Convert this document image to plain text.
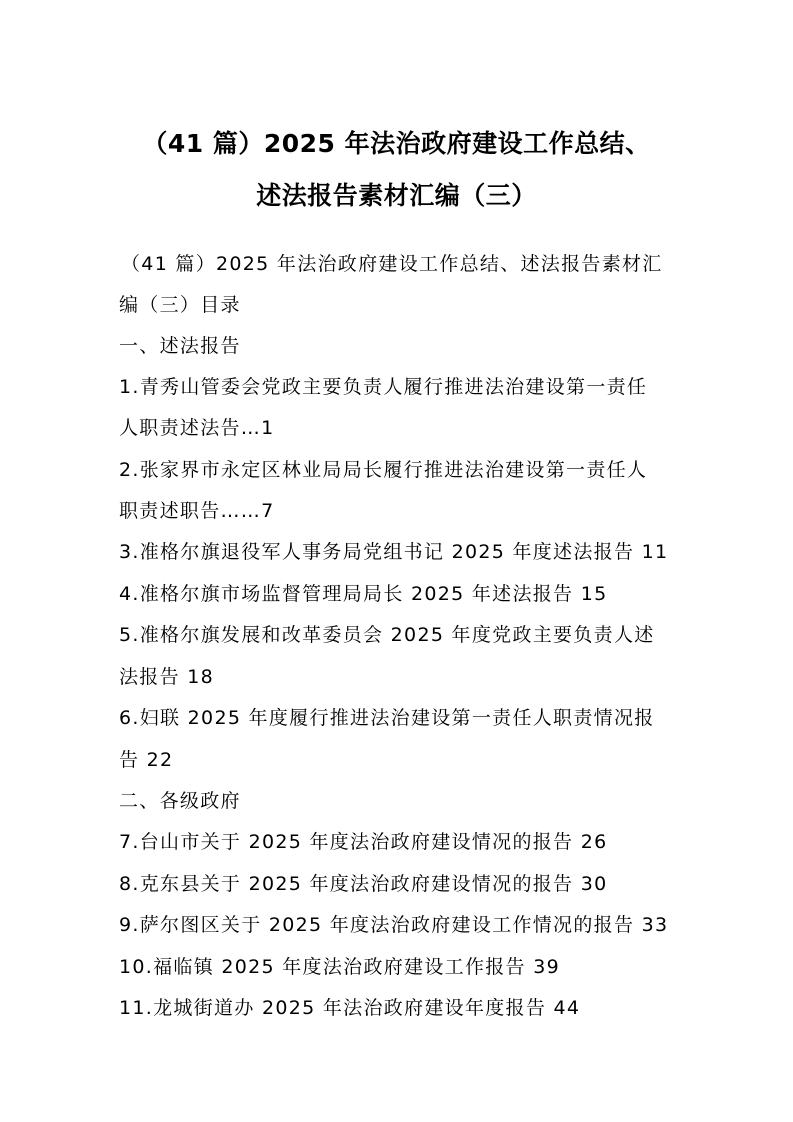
（41 篇）2025 年法治政府建设工作总结、
述法报告素材汇编（三）

（41 篇）2025 年法治政府建设工作总结、述法报告素材汇

编（三）目录

一、述法报告

1.青秀山管委会党政主要负责人履行推进法治建设第一责任

人职责述法告…1

2.张家界市永定区林业局局长履行推进法治建设第一责任人

职责述职告……7

3.准格尔旗退役军人事务局党组书记 2025 年度述法报告 11

4.准格尔旗市场监督管理局局长 2025 年述法报告 15

5.准格尔旗发展和改革委员会 2025 年度党政主要负责人述

法报告 18

6.妇联 2025 年度履行推进法治建设第一责任人职责情况报

告 22

二、各级政府

7.台山市关于 2025 年度法治政府建设情况的报告 26

8.克东县关于 2025 年度法治政府建设情况的报告 30

9.萨尔图区关于 2025 年度法治政府建设工作情况的报告 33

10.福临镇 2025 年度法治政府建设工作报告 39

11.龙城街道办 2025 年法治政府建设年度报告 44
